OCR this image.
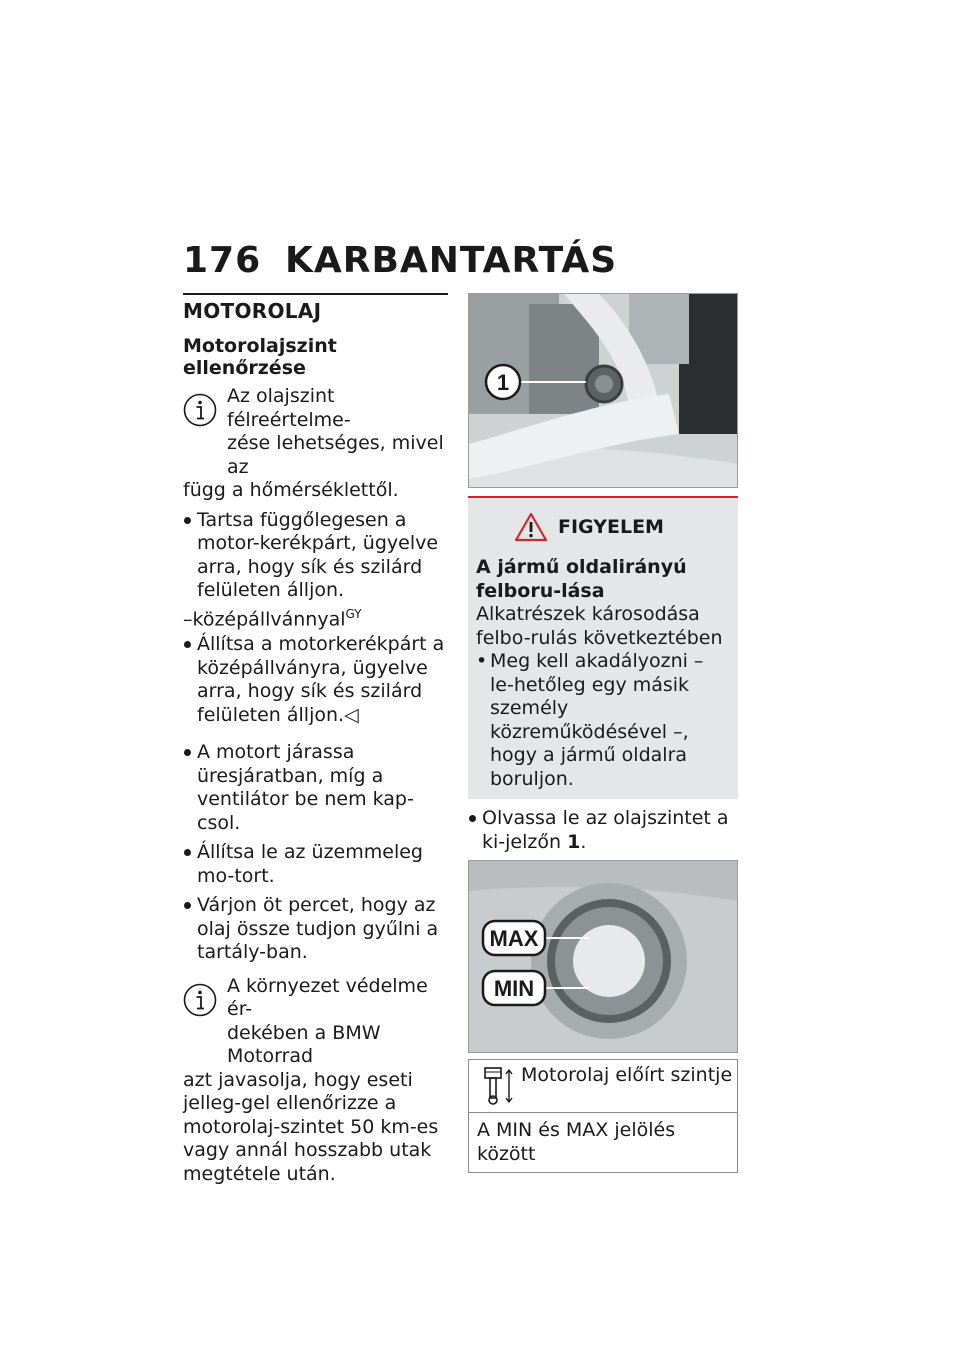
176 KARBANTARTÁS
MOTOROLAJ
Motorolajszint ellenőrzése

Az olajszint félreértelme-

zése lehetséges, mivel az

függ a hőmérséklettől.

Tartsa függőlegesen a motor-kerékpárt, ügyelve arra, hogy sík és szilárd felületen álljon.
–középállvánnyal$^{GY}$
Állítsa a motorkerékpárt a középállványra, ügyelve arra, hogy sík és szilárd felületen álljon.◁
A motort járassa üresjáratban, míg a ventilátor be nem kap-csol.
Állítsa le az üzemmeleg mo-tort.
Várjon öt percet, hogy az olaj össze tudjon gyűlni a tartály-ban.

A környezet védelme ér-

dekében a BMW Motorrad

azt javasolja, hogy eseti jelleg-gel ellenőrizze a motorolaj-szintet 50 km-es vagy annál hosszabb utak megtétele után.

1
FIGYELEM
A jármű oldalirányú felboru-lása

Alkatrészek károsodása felbo-rulás következtében

• Meg kell akadályozni – le-hetőleg egy másik személy közreműködésével –, hogy a jármű oldalra boruljon.
Olvassa le az olajszintet a ki-jelzőn 1.
MAX
MIN
Motorolaj előírt szintje
A MIN és MAX jelölés között
